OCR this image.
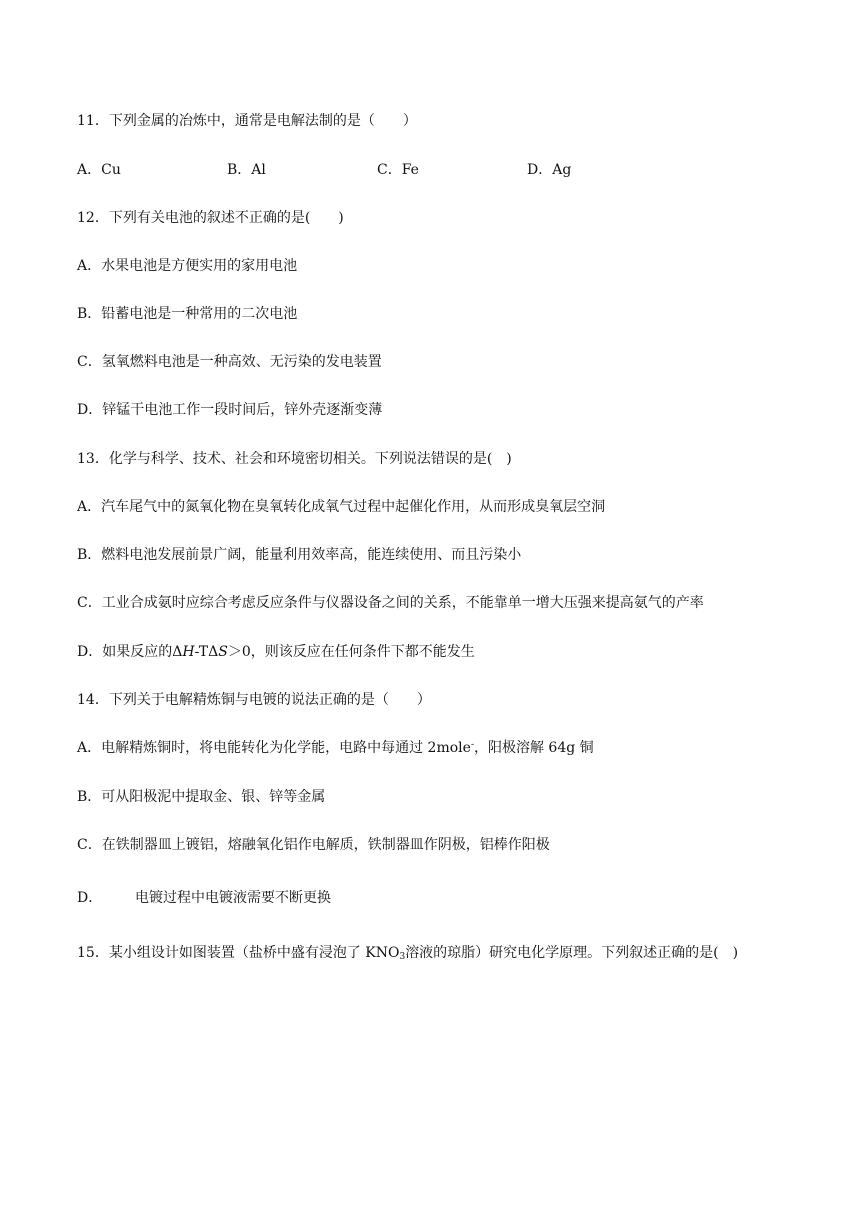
11．下列金属的冶炼中，通常是电解法制的是（　　）
A．Cu	B．Al	C．Fe	D．Ag
12．下列有关电池的叙述不正确的是(　　)
A．水果电池是方便实用的家用电池
B．铅蓄电池是一种常用的二次电池
C．氢氧燃料电池是一种高效、无污染的发电装置
D．锌锰干电池工作一段时间后，锌外壳逐渐变薄
13．化学与科学、技术、社会和环境密切相关。下列说法错误的是(　)
A．汽车尾气中的氮氧化物在臭氧转化成氧气过程中起催化作用，从而形成臭氧层空洞
B．燃料电池发展前景广阔，能量利用效率高，能连续使用、而且污染小
C．工业合成氨时应综合考虑反应条件与仪器设备之间的关系，不能靠单一增大压强来提高氨气的产率
D．如果反应的ΔH-TΔS＞0，则该反应在任何条件下都不能发生
14．下列关于电解精炼铜与电镀的说法正确的是（　　）
A．电解精炼铜时，将电能转化为化学能，电路中每通过 2mole-，阳极溶解 64g 铜
B．可从阳极泥中提取金、银、锌等金属
C．在铁制器皿上镀铝，熔融氧化铝作电解质，铁制器皿作阴极，铝棒作阳极
D． 电镀过程中电镀液需要不断更换
15．某小组设计如图装置（盐桥中盛有浸泡了 $KNO_3$溶液的琼脂）研究电化学原理。下列叙述正确的是(　)
